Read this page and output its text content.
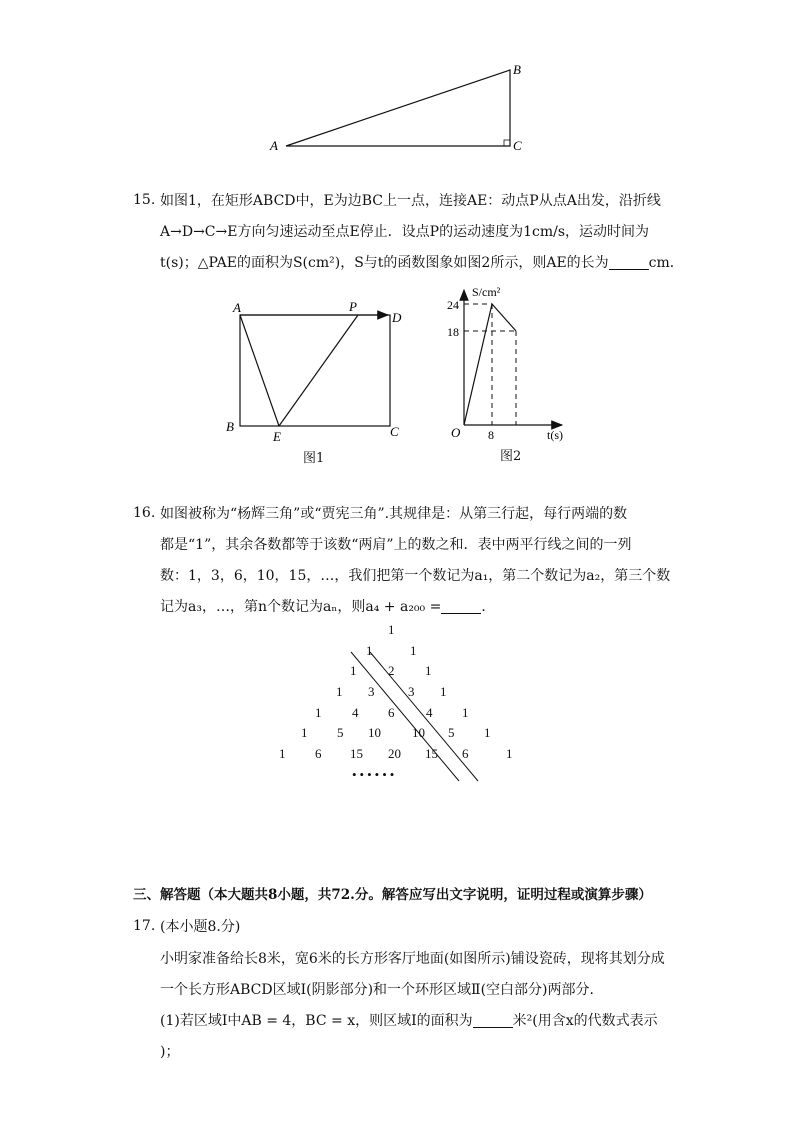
A
B
C
15. 如图1，在矩形ABCD中，E为边BC上一点，连接AE：动点P从点A出发，沿折线
A→D→C→E方向匀速运动至点E停止．设点P的运动速度为1cm/s，运动时间为
t(s)；△PAE的面积为S(cm²)，S与t的函数图象如图2所示，则AE的长为	cm．
A	P
D
B
E	C
图1
S/cm²
24
18
O 8	t(s)
图2
16. 如图被称为“杨辉三角”或“贾宪三角”.其规律是：从第三行起，每行两端的数
都是“1”，其余各数都等于该数“两肩”上的数之和．表中两平行线之间的一列
数：1，3，6，10，15，…，我们把第一个数记为a₁，第二个数记为a₂，第三个数
记为a₃，…，第n个数记为aₙ，则a₄ + a₂₀₀ =	．
1
1	1
1 2 1
1 3	3 1
1 4 6 4 1
1 5 10 10 5 1
1 6 15 20 15 6	1
••••••
三、解答题（本大题共8小题，共72.分。解答应写出文字说明，证明过程或演算步骤）
17. (本小题8.分)
小明家准备给长8米，宽6米的长方形客厅地面(如图所示)铺设瓷砖，现将其划分成
一个长方形ABCD区域Ⅰ(阴影部分)和一个环形区域Ⅱ(空白部分)两部分．
(1)若区域Ⅰ中AB = 4，BC = x，则区域Ⅰ的面积为	米²(用含x的代数式表示
)；
